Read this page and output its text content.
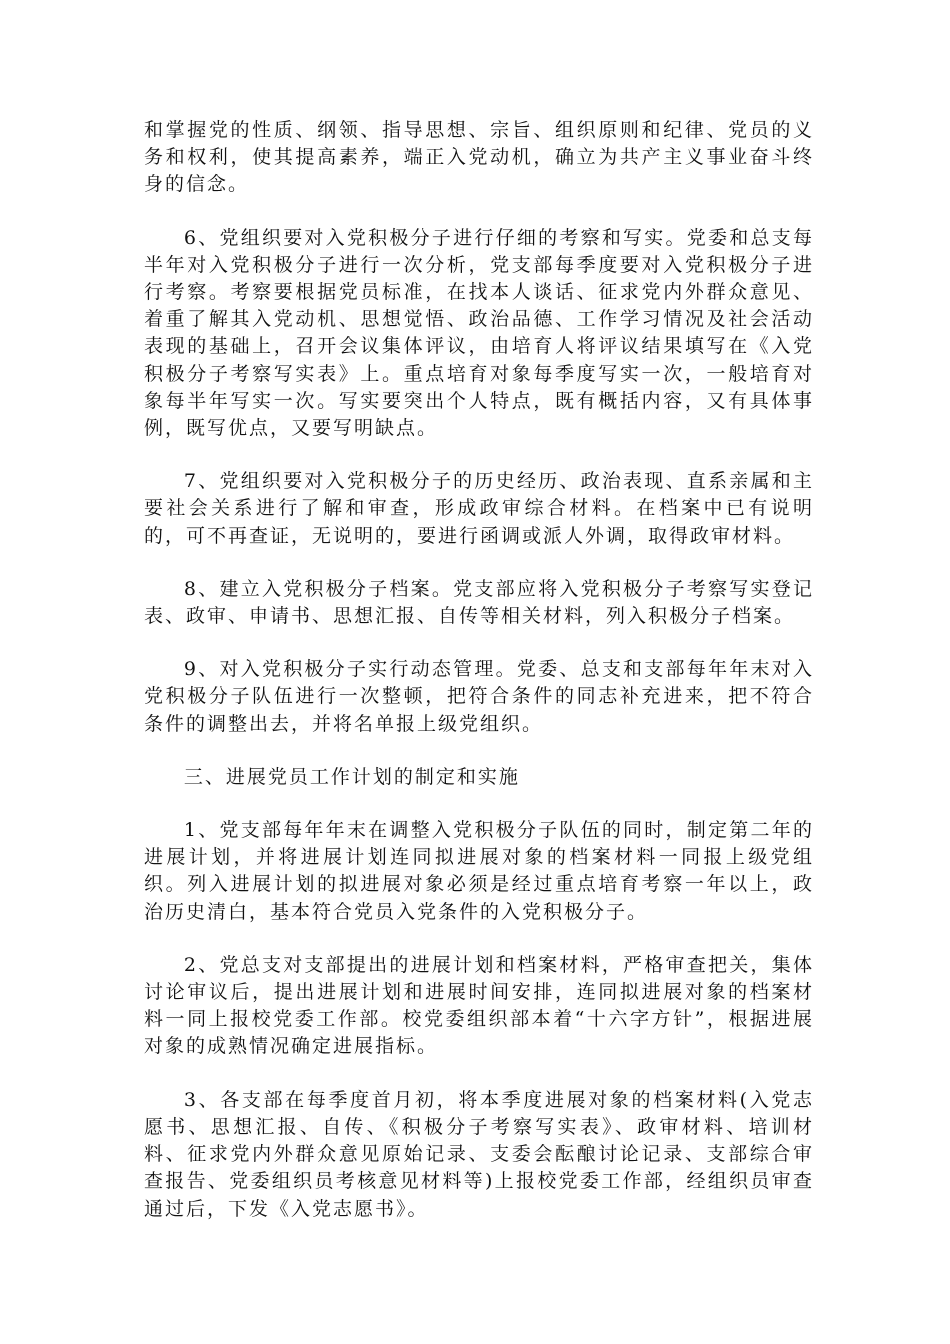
和掌握党的性质、纲领、指导思想、宗旨、组织原则和纪律、党员的义务和权利，使其提高素养，端正入党动机，确立为共产主义事业奋斗终身的信念。

6、党组织要对入党积极分子进行仔细的考察和写实。党委和总支每半年对入党积极分子进行一次分析，党支部每季度要对入党积极分子进行考察。考察要根据党员标准，在找本人谈话、征求党内外群众意见、着重了解其入党动机、思想觉悟、政治品德、工作学习情况及社会活动表现的基础上，召开会议集体评议，由培育人将评议结果填写在《入党积极分子考察写实表》上。重点培育对象每季度写实一次，一般培育对象每半年写实一次。写实要突出个人特点，既有概括内容，又有具体事例，既写优点，又要写明缺点。

7、党组织要对入党积极分子的历史经历、政治表现、直系亲属和主要社会关系进行了解和审查，形成政审综合材料。在档案中已有说明的，可不再查证，无说明的，要进行函调或派人外调，取得政审材料。

8、建立入党积极分子档案。党支部应将入党积极分子考察写实登记表、政审、申请书、思想汇报、自传等相关材料，列入积极分子档案。

9、对入党积极分子实行动态管理。党委、总支和支部每年年末对入党积极分子队伍进行一次整顿，把符合条件的同志补充进来，把不符合条件的调整出去，并将名单报上级党组织。

三、进展党员工作计划的制定和实施

1、党支部每年年末在调整入党积极分子队伍的同时，制定第二年的进展计划，并将进展计划连同拟进展对象的档案材料一同报上级党组织。列入进展计划的拟进展对象必须是经过重点培育考察一年以上，政治历史清白，基本符合党员入党条件的入党积极分子。

2、党总支对支部提出的进展计划和档案材料，严格审查把关，集体讨论审议后，提出进展计划和进展时间安排，连同拟进展对象的档案材料一同上报校党委工作部。校党委组织部本着“十六字方针”，根据进展对象的成熟情况确定进展指标。

3、各支部在每季度首月初，将本季度进展对象的档案材料(入党志愿书、思想汇报、自传、《积极分子考察写实表》、政审材料、培训材料、征求党内外群众意见原始记录、支委会酝酿讨论记录、支部综合审查报告、党委组织员考核意见材料等)上报校党委工作部，经组织员审查通过后，下发《入党志愿书》。
